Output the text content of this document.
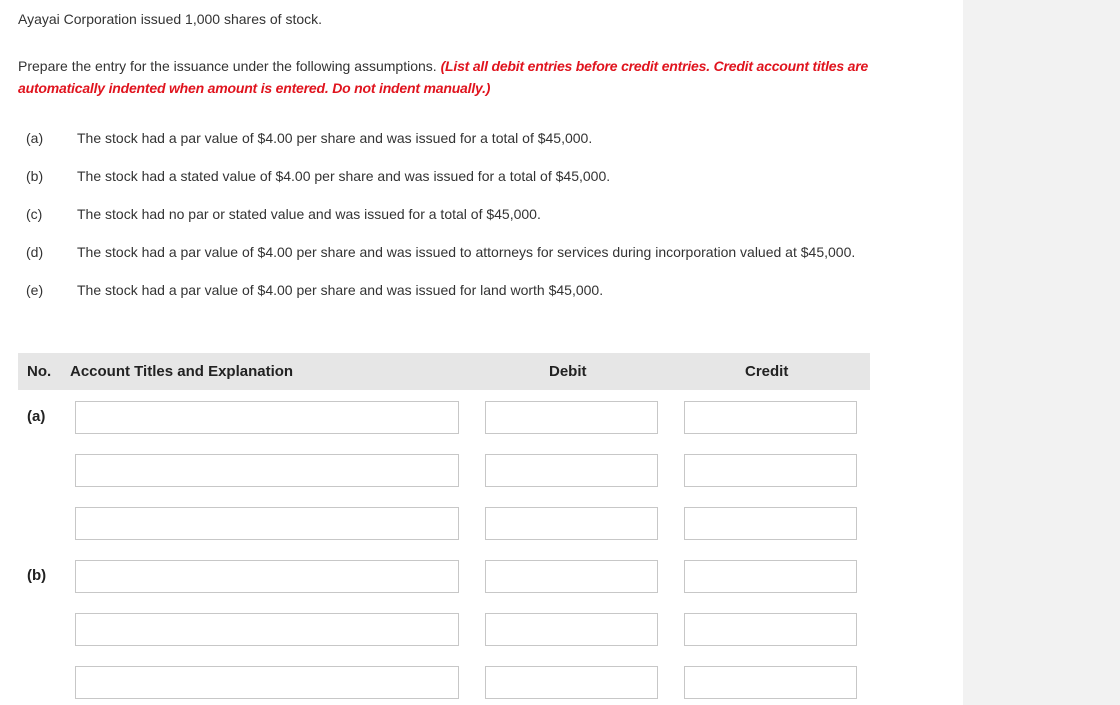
Ayayai Corporation issued 1,000 shares of stock.
Prepare the entry for the issuance under the following assumptions. (List all debit entries before credit entries. Credit account titles are automatically indented when amount is entered. Do not indent manually.)
(a) The stock had a par value of $4.00 per share and was issued for a total of $45,000.
(b) The stock had a stated value of $4.00 per share and was issued for a total of $45,000.
(c) The stock had no par or stated value and was issued for a total of $45,000.
(d) The stock had a par value of $4.00 per share and was issued to attorneys for services during incorporation valued at $45,000.
(e) The stock had a par value of $4.00 per share and was issued for land worth $45,000.
No. Account Titles and Explanation	Debit	Credit
(a)
(b)
